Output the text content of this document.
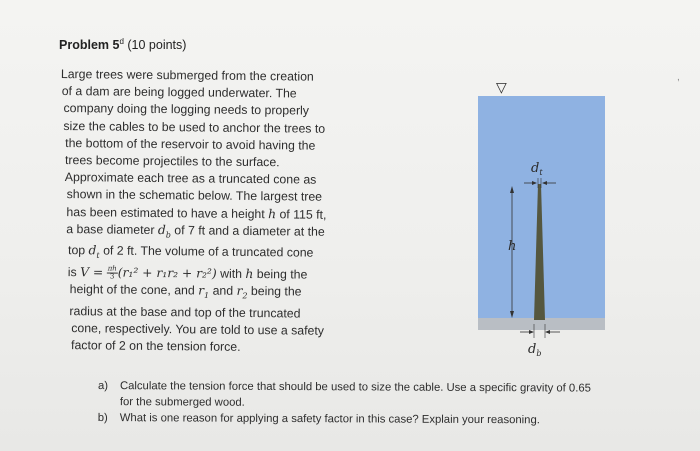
Problem 5$^d$ (10 points)
Large trees were submerged from the creation
of a dam are being logged underwater. The
company doing the logging needs to properly
size the cables to be used to anchor the trees to
the bottom of the reservoir to avoid having the
trees become projectiles to the surface.
Approximate each tree as a truncated cone as
shown in the schematic below. The largest tree
has been estimated to have a height h of 115 ft,
a base diameter $d_b$ of 7 ft and a diameter at the
top $d_t$ of 2 ft. The volume of a truncated cone
is $V = \frac{\pi h}{3} (r_1^2 + r_1r_2 + r_2^2)$ with h being the
height of the cone, and $r_1$ and $r_2$ being the
radius at the base and top of the truncated
cone, respectively. You are told to use a safety
factor of 2 on the tension force.
▽
$d_t$
h
$d_b$
,
a) Calculate the tension force that should be used to size the cable. Use a specific gravity of 0.65
for the submerged wood.
b) What is one reason for applying a safety factor in this case? Explain your reasoning.
